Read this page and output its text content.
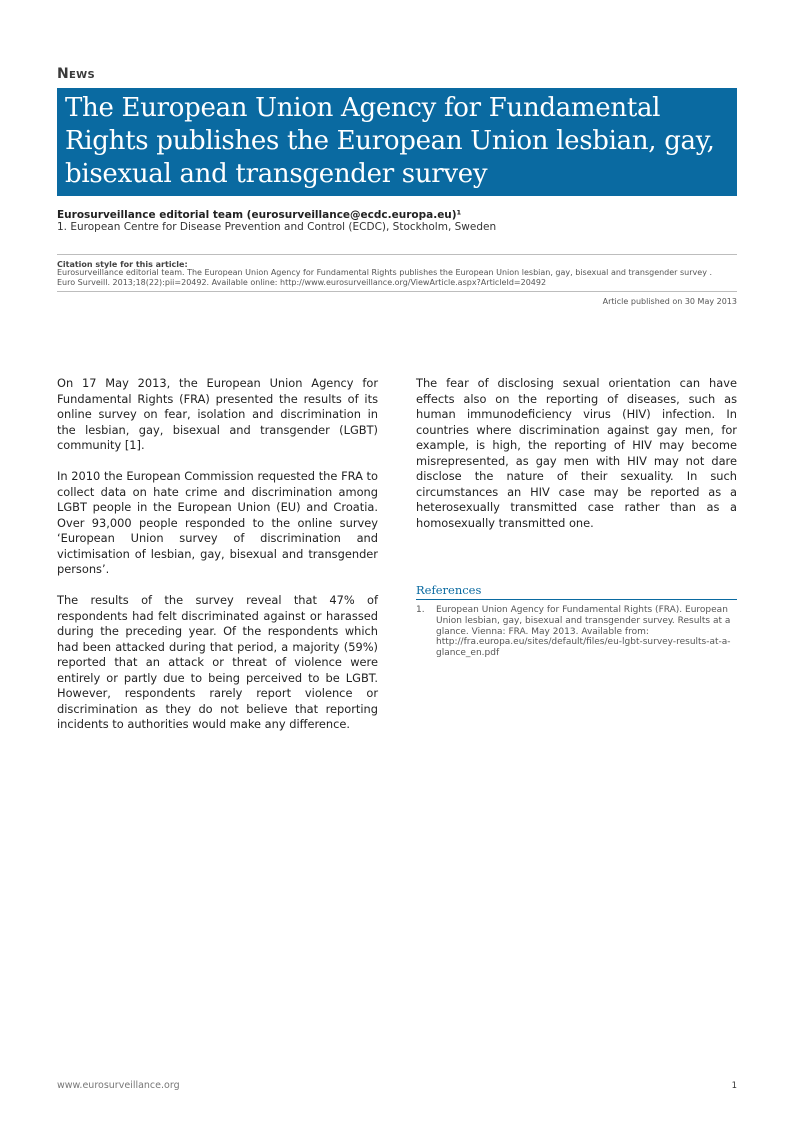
News
The European Union Agency for Fundamental Rights publishes the European Union lesbian, gay, bisexual and transgender survey
Eurosurveillance editorial team (eurosurveillance@ecdc.europa.eu)¹
1. European Centre for Disease Prevention and Control (ECDC), Stockholm, Sweden
Citation style for this article:
Eurosurveillance editorial team. The European Union Agency for Fundamental Rights publishes the European Union lesbian, gay, bisexual and transgender survey .
Euro Surveill. 2013;18(22):pii=20492. Available online: http://www.eurosurveillance.org/ViewArticle.aspx?ArticleId=20492
Article published on 30 May 2013

On 17 May 2013, the European Union Agency for Fundamental Rights (FRA) presented the results of its online survey on fear, isolation and discrimination in the lesbian, gay, bisexual and transgender (LGBT) community [1].

In 2010 the European Commission requested the FRA to collect data on hate crime and discrimination among LGBT people in the European Union (EU) and Croatia. Over 93,000 people responded to the online survey ‘European Union survey of discrimination and victimisation of lesbian, gay, bisexual and transgender persons’.

The results of the survey reveal that 47% of respondents had felt discriminated against or harassed during the preceding year. Of the respondents which had been attacked during that period, a majority (59%) reported that an attack or threat of violence were entirely or partly due to being perceived to be LGBT. However, respondents rarely report violence or discrimination as they do not believe that reporting incidents to authorities would make any difference.

The fear of disclosing sexual orientation can have effects also on the reporting of diseases, such as human immunodeficiency virus (HIV) infection. In countries where discrimination against gay men, for example, is high, the reporting of HIV may become misrepresented, as gay men with HIV may not dare disclose the nature of their sexuality. In such circumstances an HIV case may be reported as a heterosexually transmitted case rather than as a homosexually transmitted one.

References
1.	European Union Agency for Fundamental Rights (FRA). European Union lesbian, gay, bisexual and transgender survey. Results at a glance. Vienna: FRA. May 2013. Available from: http://fra.europa.eu/sites/default/files/eu-lgbt-survey-results-at-a-glance_en.pdf
www.eurosurveillance.org	1
